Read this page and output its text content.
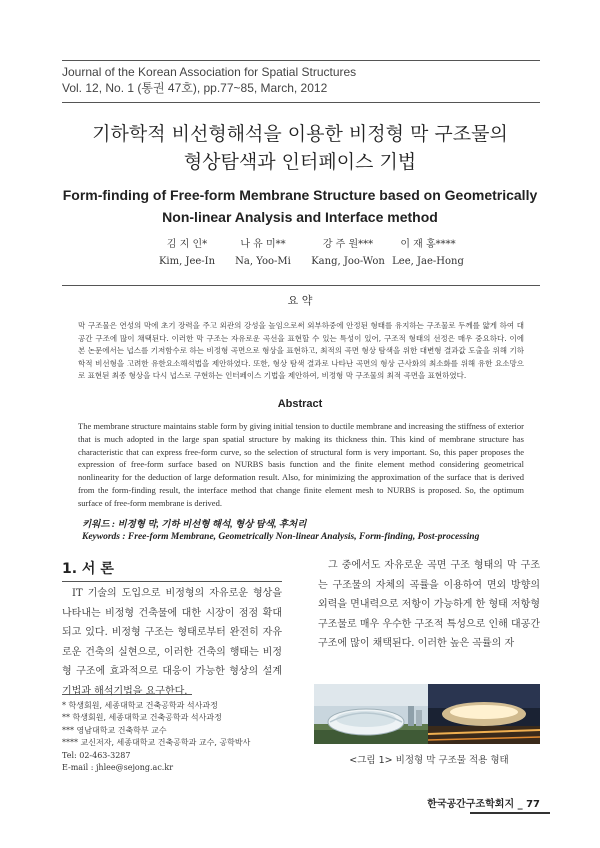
Journal of the Korean Association for Spatial Structures
Vol. 12, No. 1 (통권 47호), pp.77~85, March, 2012
기하학적 비선형해석을 이용한 비정형 막 구조물의
형상탐색과 인터페이스 기법
Form-finding of Free-form Membrane Structure based on Geometrically
Non-linear Analysis and Interface method
김 지 인*
Kim, Jee-In
나 유 미**
Na, Yoo-Mi
강 주 원***
Kang, Joo-Won
이 재 홍****
Lee, Jae-Hong
요 약
막 구조물은 연성의 막에 초기 장력을 주고 외관의 강성을 높임으로써 외부하중에 안정된 형태를 유지하는 구조물로 두께를 얇게 하여 대공간 구조에 많이 채택된다. 이러한 막 구조는 자유로운 곡선을 표현할 수 있는 특성이 있어, 구조적 형태의 선정은 매우 중요하다. 이에 본 논문에서는 넙스를 기저함수로 하는 비정형 곡면으로 형상을 표현하고, 최적의 곡면 형상 탐색을 위한 대변형 결과값 도출을 위해 기하학적 비선형을 고려한 유한요소해석법을 제안하였다. 또한, 형상 탐색 결과로 나타난 곡면의 형상 근사화의 최소화를 위해 유한 요소망으로 표현된 최종 형상을 다시 넙스로 구현하는 인터페이스 기법을 제안하여, 비정형 막 구조물의 최적 곡면을 표현하였다.
Abstract
The membrane structure maintains stable form by giving initial tension to ductile membrane and increasing the stiffness of exterior that is much adopted in the large span spatial structure by making its thickness thin. This kind of membrane structure has characteristic that can express free-form curve, so the selection of structural form is very important. So, this paper proposes the expression of free-form surface based on NURBS basis function and the finite element method considering geometrical nonlinearity for the deduction of large deformation result. Also, for minimizing the approximation of the surface that is derived from the form-finding result, the interface method that change finite element mesh to NURBS is proposed. So, the optimum surface of free-form membrane is derived.
키워드 : 비정형 막, 기하 비선형 해석, 형상 탐색, 후처리
Keywords : Free-form Membrane, Geometrically Non-linear Analysis, Form-finding, Post-processing
1. 서 론
IT 기술의 도입으로 비정형의 자유로운 형상을 나타내는 비정형 건축물에 대한 시장이 점점 확대되고 있다. 비정형 구조는 형태로부터 완전히 자유로운 건축의 실현으로, 이러한 건축의 행태는 비정형 구조에 효과적으로 대응이 가능한 형상의 설계 기법과 해석기법을 요구한다.
그 중에서도 자유로운 곡면 구조 형태의 막 구조는 구조물의 자체의 곡률을 이용하여 면외 방향의 외력을 면내력으로 저항이 가능하게 한 형태 저항형 구조물로 매우 우수한 구조적 특성으로 인해 대공간 구조에 많이 채택된다. 이러한 높은 곡률의 자
* 학생회원, 세종대학교 건축공학과 석사과정
** 학생회원, 세종대학교 건축공학과 석사과정
*** 영남대학교 건축학부 교수
**** 교신저자, 세종대학교 건축공학과 교수, 공학박사
Tel: 02-463-3287
E-mail : jhlee@sejong.ac.kr
<그림 1> 비정형 막 구조물 적용 형태
한국공간구조학회지 _ 77
